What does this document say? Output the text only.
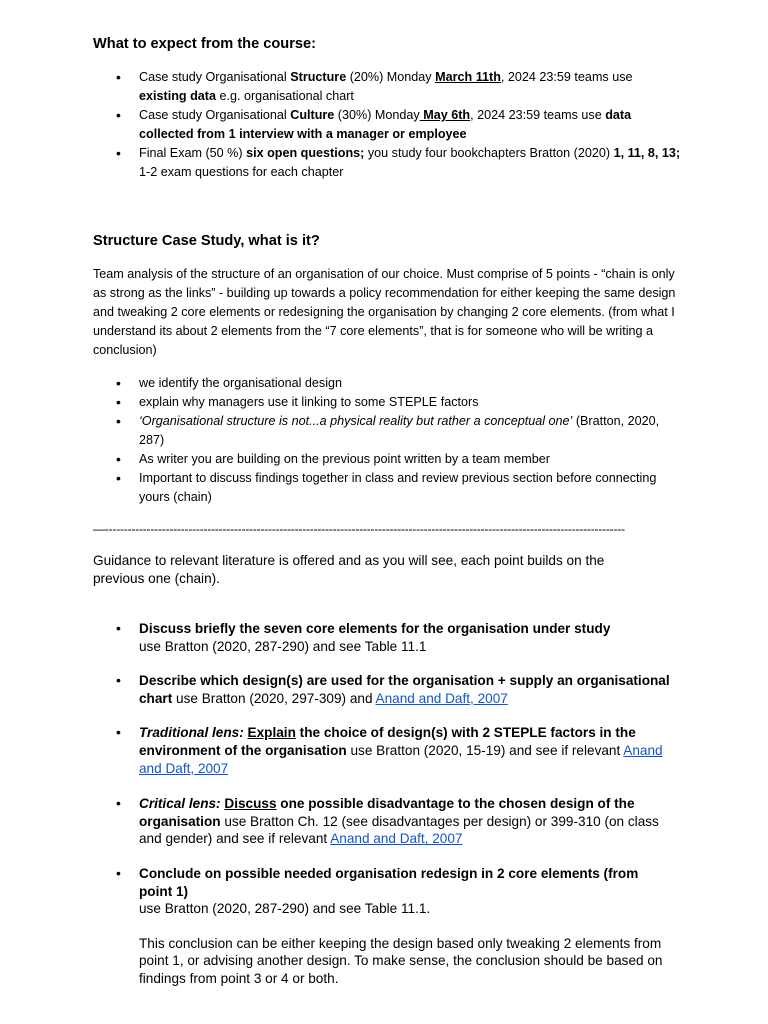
What to expect from the course:
• Case study Organisational Structure (20%) Monday March 11th, 2024 23:59 teams use existing data e.g. organisational chart
• Case study Organisational Culture (30%) Monday May 6th, 2024 23:59 teams use data collected from 1 interview with a manager or employee
• Final Exam (50 %) six open questions; you study four bookchapters Bratton (2020) 1, 11, 8, 13; 1-2 exam questions for each chapter
Structure Case Study, what is it?

Team analysis of the structure of an organisation of our choice. Must comprise of 5 points - “chain is only as strong as the links” - building up towards a policy recommendation for either keeping the same design and tweaking 2 core elements or redesigning the organisation by changing 2 core elements. (from what I understand its about 2 elements from the “7 core elements”, that is for someone who will be writing a conclusion)

• we identify the organisational design
• explain why managers use it linking to some STEPLE factors
• ‘Organisational structure is not...a physical reality but rather a conceptual one’ (Bratton, 2020, 287)
• As writer you are building on the previous point written by a team member
• Important to discuss findings together in class and review previous section before connecting yours (chain)
—-----------------------------------------------------------------------------------------------------------------------------------------

Guidance to relevant literature is offered and as you will see, each point builds on the previous one (chain).

• Discuss briefly the seven core elements for the organisation under study
use Bratton (2020, 287-290) and see Table 11.1
• Describe which design(s) are used for the organisation + supply an organisational chart use Bratton (2020, 297-309) and Anand and Daft, 2007
• Traditional lens: Explain the choice of design(s) with 2 STEPLE factors in the environment of the organisation use Bratton (2020, 15-19) and see if relevant Anand and Daft, 2007
• Critical lens: Discuss one possible disadvantage to the chosen design of the organisation use Bratton Ch. 12 (see disadvantages per design) or 399-310 (on class and gender) and see if relevant Anand and Daft, 2007
• Conclude on possible needed organisation redesign in 2 core elements (from point 1)
use Bratton (2020, 287-290) and see Table 11.1.
This conclusion can be either keeping the design based only tweaking 2 elements from point 1, or advising another design. To make sense, the conclusion should be based on findings from point 3 or 4 or both.
